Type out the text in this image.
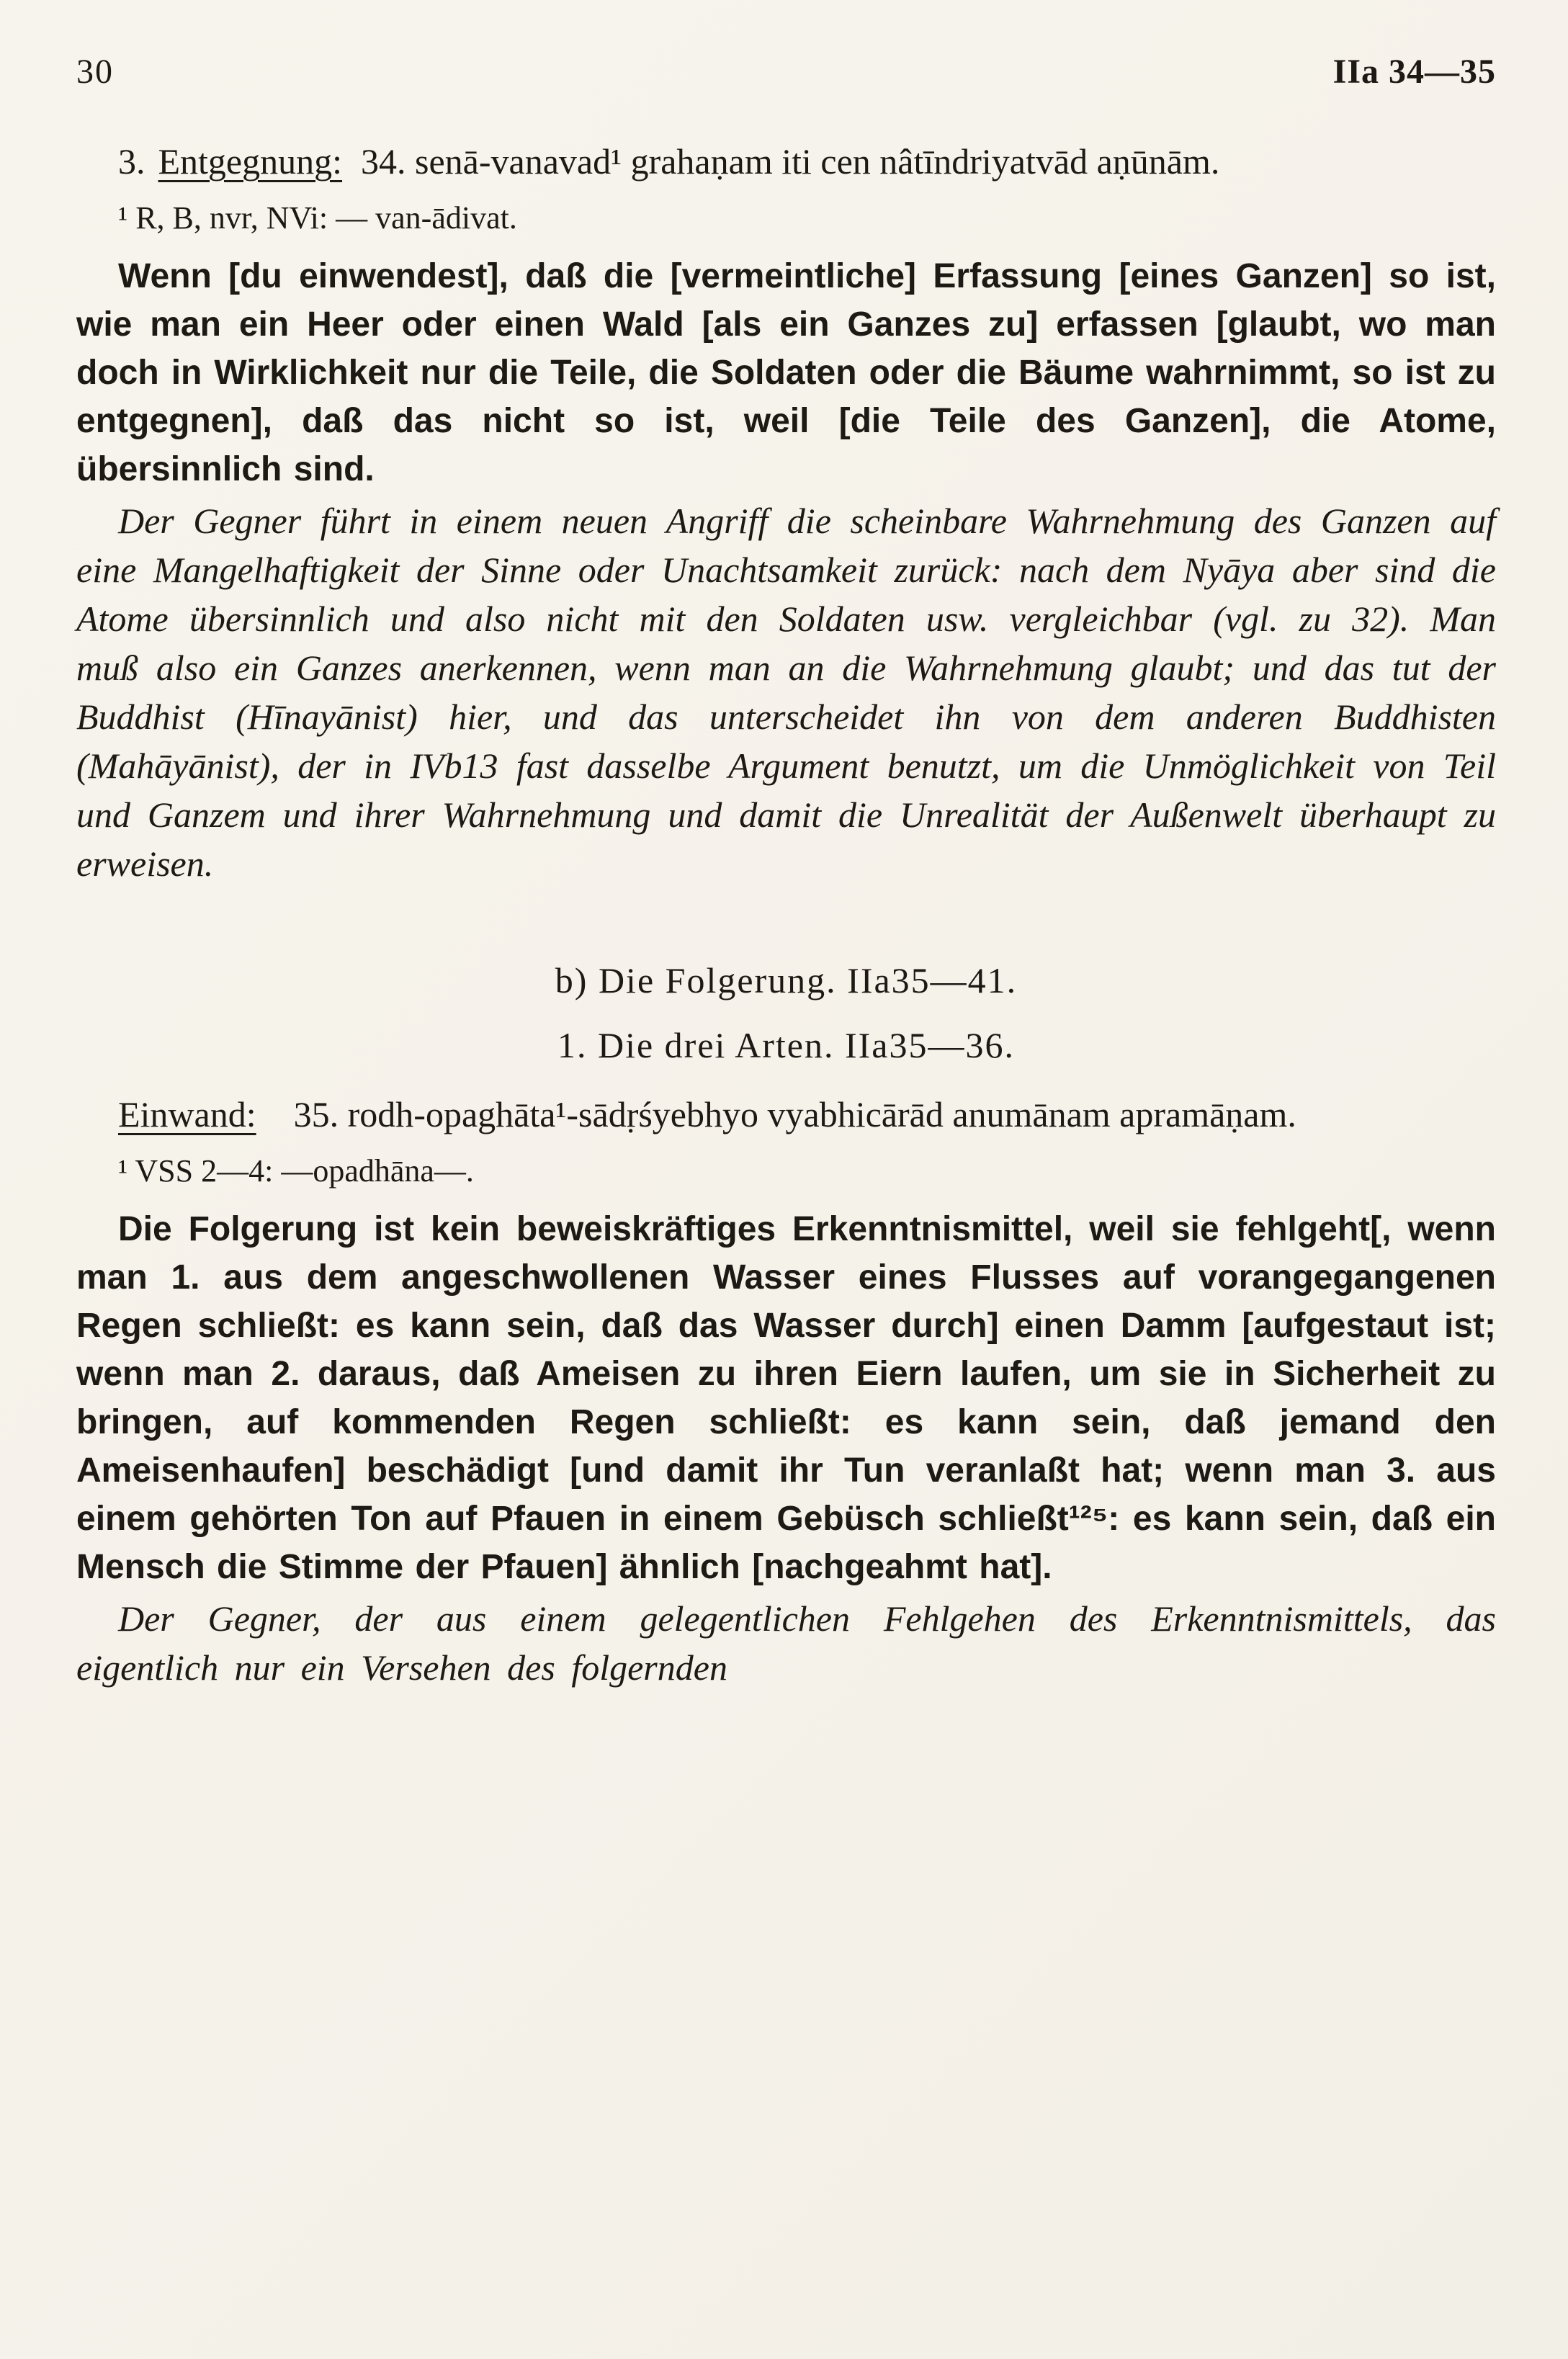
30	IIa 34—35

3. Entgegnung: 34. senā-vanavad¹ grahaṇam iti cen nâtīndriyatvād aṇūnām.

¹ R, B, nvr, NVi: — van-ādivat.

Wenn [du einwendest], daß die [vermeintliche] Erfassung [eines Ganzen] so ist, wie man ein Heer oder einen Wald [als ein Ganzes zu] erfassen [glaubt, wo man doch in Wirklichkeit nur die Teile, die Soldaten oder die Bäume wahrnimmt, so ist zu entgegnen], daß das nicht so ist, weil [die Teile des Ganzen], die Atome, übersinnlich sind.

Der Gegner führt in einem neuen Angriff die scheinbare Wahrnehmung des Ganzen auf eine Mangelhaftigkeit der Sinne oder Unachtsamkeit zurück: nach dem Nyāya aber sind die Atome übersinnlich und also nicht mit den Soldaten usw. vergleichbar (vgl. zu 32). Man muß also ein Ganzes anerkennen, wenn man an die Wahrnehmung glaubt; und das tut der Buddhist (Hīnayānist) hier, und das unterscheidet ihn von dem anderen Buddhisten (Mahāyānist), der in IVb13 fast dasselbe Argument benutzt, um die Unmöglichkeit von Teil und Ganzem und ihrer Wahrnehmung und damit die Unrealität der Außenwelt überhaupt zu erweisen.

b) Die Folgerung. IIa35—41.
1. Die drei Arten. IIa35—36.

Einwand: 35. rodh-opaghāta¹-sādṛśyebhyo vyabhicārād anumānam apramāṇam.

¹ VSS 2—4: —opadhāna—.

Die Folgerung ist kein beweiskräftiges Erkenntnismittel, weil sie fehlgeht[, wenn man 1. aus dem angeschwollenen Wasser eines Flusses auf vorangegangenen Regen schließt: es kann sein, daß das Wasser durch] einen Damm [aufgestaut ist; wenn man 2. daraus, daß Ameisen zu ihren Eiern laufen, um sie in Sicherheit zu bringen, auf kommenden Regen schließt: es kann sein, daß jemand den Ameisenhaufen] beschädigt [und damit ihr Tun veranlaßt hat; wenn man 3. aus einem gehörten Ton auf Pfauen in einem Gebüsch schließt¹²⁵: es kann sein, daß ein Mensch die Stimme der Pfauen] ähnlich [nachgeahmt hat].

Der Gegner, der aus einem gelegentlichen Fehlgehen des Erkenntnismittels, das eigentlich nur ein Versehen des folgernden
